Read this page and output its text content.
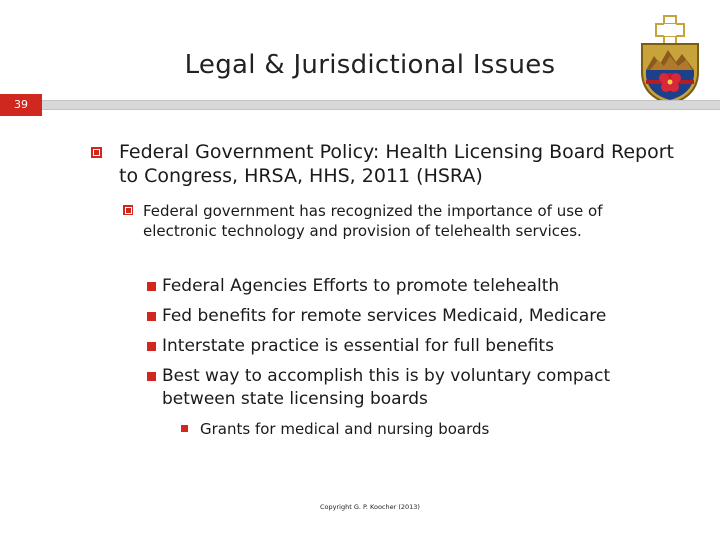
Legal & Jurisdictional Issues
39
Federal Government Policy: Health Licensing Board Report to Congress, HRSA, HHS, 2011 (HSRA)
Federal government has recognized the importance of use of electronic technology and provision of telehealth services.
Federal Agencies Efforts to promote telehealth
Fed benefits for remote services Medicaid, Medicare
Interstate practice is essential for full benefits
Best way to accomplish this is by voluntary compact between state licensing boards
Grants for medical and nursing boards
Copyright G. P. Koocher (2013)
